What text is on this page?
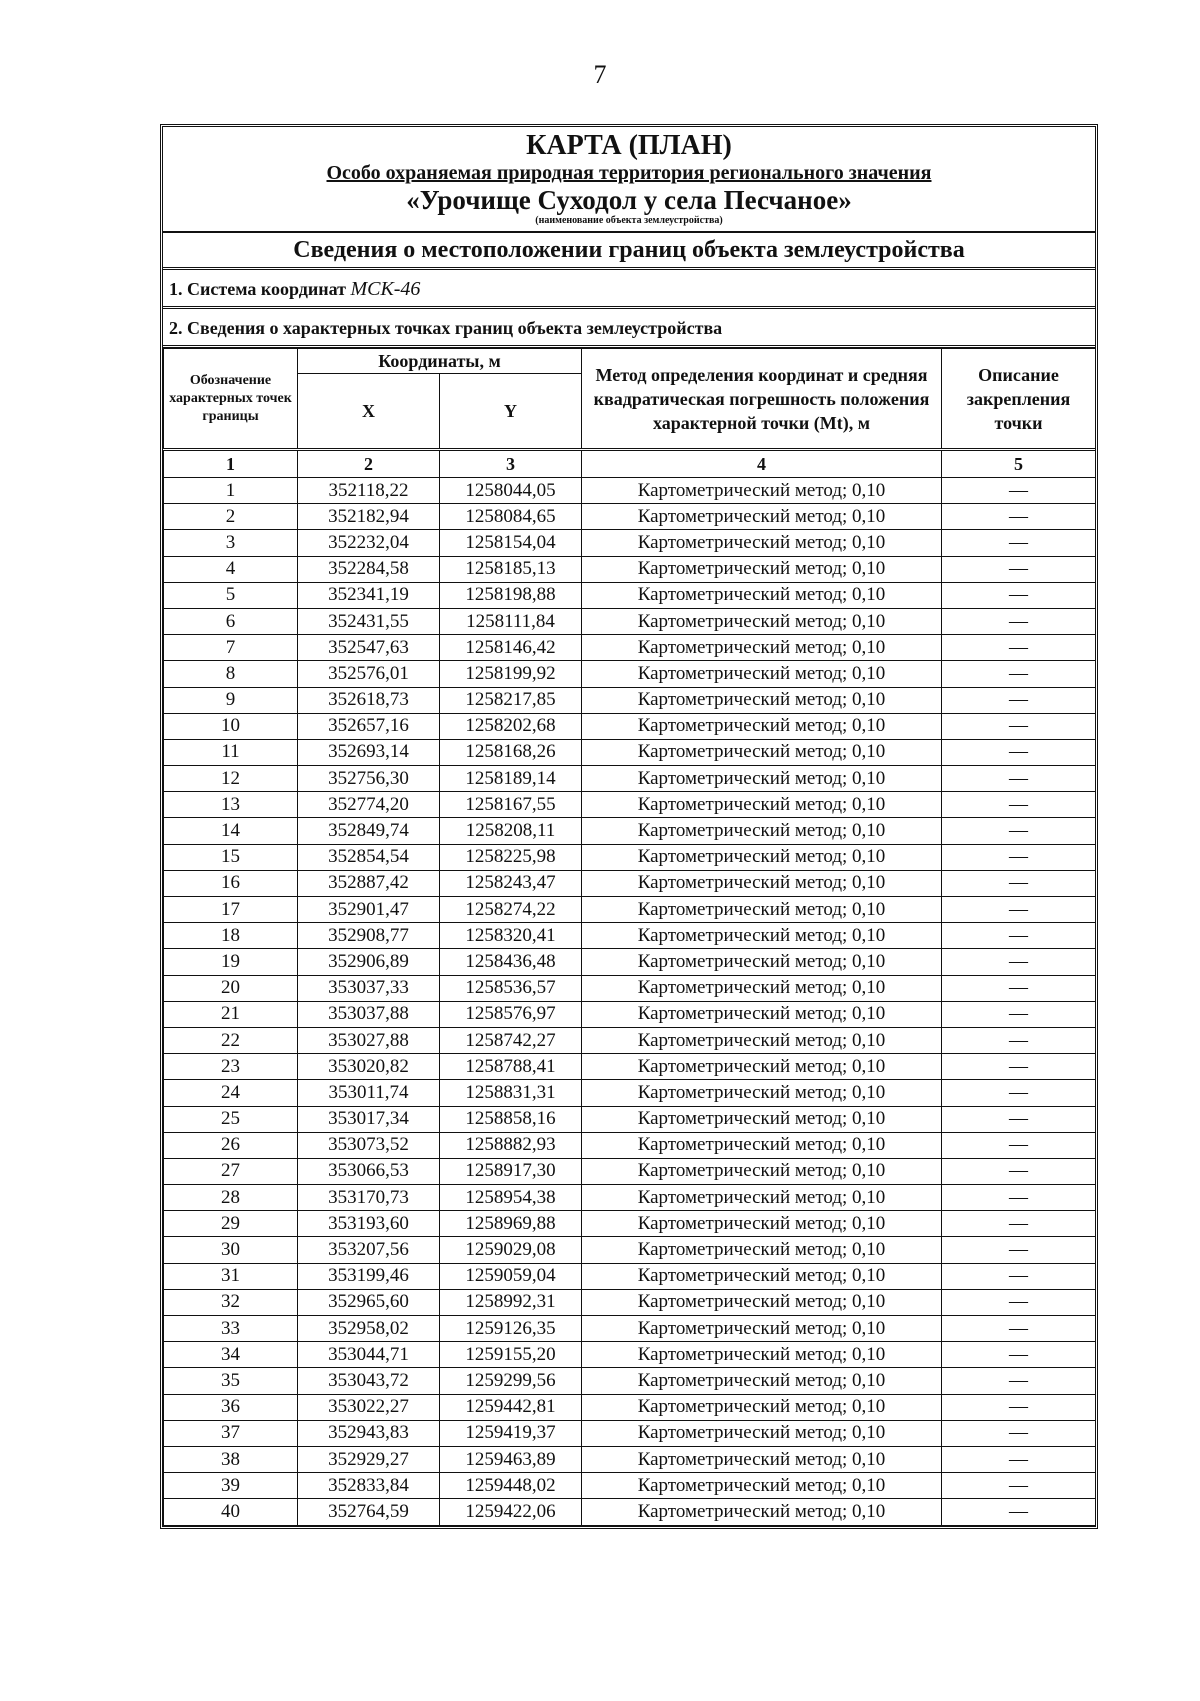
7
КАРТА (ПЛАН)
Особо охраняемая природная территория регионального значения
«Урочище Суходол у села Песчаное»
(наименование объекта землеустройства)
Сведения о местоположении границ объекта землеустройства
1. Система координат МСК-46
2. Сведения о характерных точках границ объекта землеустройства
Обозначение характерных точек границы	Координаты, м		Метод определения координат и средняя квадратическая погрешность положения характерной точки (Mt), м	Описание закрепления точки
	X	Y		
1	2	3	4	5
1	352118,22	1258044,05	Картометрический метод; 0,10	—
2	352182,94	1258084,65	Картометрический метод; 0,10	—
3	352232,04	1258154,04	Картометрический метод; 0,10	—
4	352284,58	1258185,13	Картометрический метод; 0,10	—
5	352341,19	1258198,88	Картометрический метод; 0,10	—
6	352431,55	1258111,84	Картометрический метод; 0,10	—
7	352547,63	1258146,42	Картометрический метод; 0,10	—
8	352576,01	1258199,92	Картометрический метод; 0,10	—
9	352618,73	1258217,85	Картометрический метод; 0,10	—
10	352657,16	1258202,68	Картометрический метод; 0,10	—
11	352693,14	1258168,26	Картометрический метод; 0,10	—
12	352756,30	1258189,14	Картометрический метод; 0,10	—
13	352774,20	1258167,55	Картометрический метод; 0,10	—
14	352849,74	1258208,11	Картометрический метод; 0,10	—
15	352854,54	1258225,98	Картометрический метод; 0,10	—
16	352887,42	1258243,47	Картометрический метод; 0,10	—
17	352901,47	1258274,22	Картометрический метод; 0,10	—
18	352908,77	1258320,41	Картометрический метод; 0,10	—
19	352906,89	1258436,48	Картометрический метод; 0,10	—
20	353037,33	1258536,57	Картометрический метод; 0,10	—
21	353037,88	1258576,97	Картометрический метод; 0,10	—
22	353027,88	1258742,27	Картометрический метод; 0,10	—
23	353020,82	1258788,41	Картометрический метод; 0,10	—
24	353011,74	1258831,31	Картометрический метод; 0,10	—
25	353017,34	1258858,16	Картометрический метод; 0,10	—
26	353073,52	1258882,93	Картометрический метод; 0,10	—
27	353066,53	1258917,30	Картометрический метод; 0,10	—
28	353170,73	1258954,38	Картометрический метод; 0,10	—
29	353193,60	1258969,88	Картометрический метод; 0,10	—
30	353207,56	1259029,08	Картометрический метод; 0,10	—
31	353199,46	1259059,04	Картометрический метод; 0,10	—
32	352965,60	1258992,31	Картометрический метод; 0,10	—
33	352958,02	1259126,35	Картометрический метод; 0,10	—
34	353044,71	1259155,20	Картометрический метод; 0,10	—
35	353043,72	1259299,56	Картометрический метод; 0,10	—
36	353022,27	1259442,81	Картометрический метод; 0,10	—
37	352943,83	1259419,37	Картометрический метод; 0,10	—
38	352929,27	1259463,89	Картометрический метод; 0,10	—
39	352833,84	1259448,02	Картометрический метод; 0,10	—
40	352764,59	1259422,06	Картометрический метод; 0,10	—
